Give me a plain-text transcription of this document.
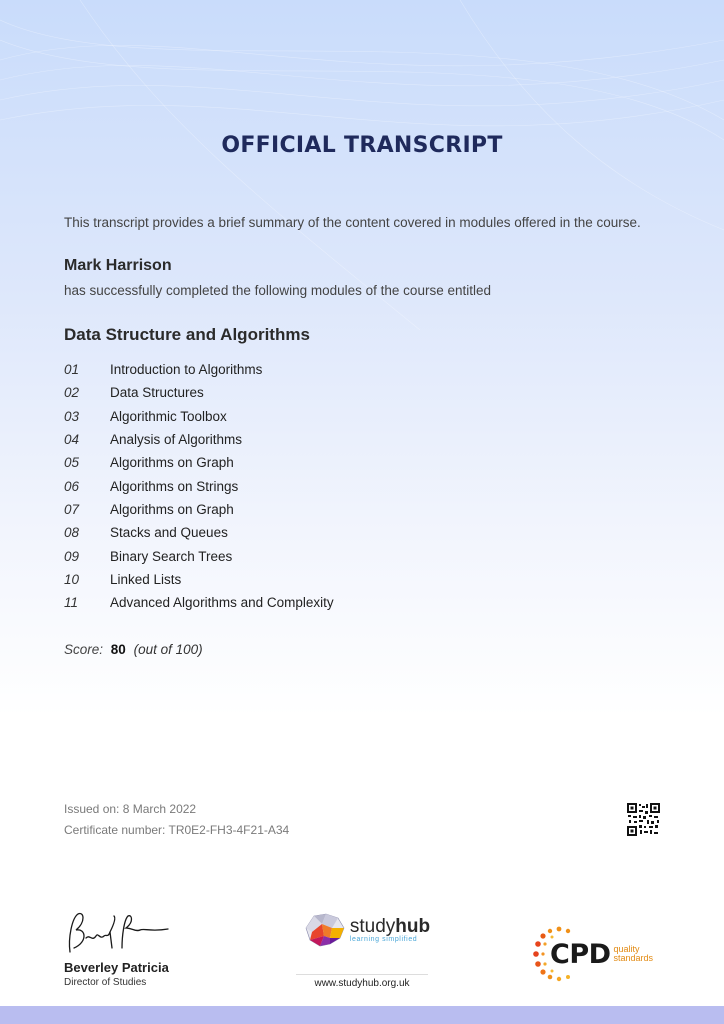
OFFICIAL TRANSCRIPT
This transcript provides a brief summary of the content covered in modules offered in the course.
Mark Harrison
has successfully completed the following modules of the course entitled
Data Structure and Algorithms
01	Introduction to Algorithms
02	Data Structures
03	Algorithmic Toolbox
04	Analysis of Algorithms
05	Algorithms on Graph
06	Algorithms on Strings
07	Algorithms on Graph
08	Stacks and Queues
09	Binary Search Trees
10	Linked Lists
11	Advanced Algorithms and Complexity
Score: 80 (out of 100)
Issued on: 8 March 2022
Certificate number: TR0E2-FH3-4F21-A34
Beverley Patricia
Director of Studies
studyhub
learning simplified
www.studyhub.org.uk
CPD quality
standards
